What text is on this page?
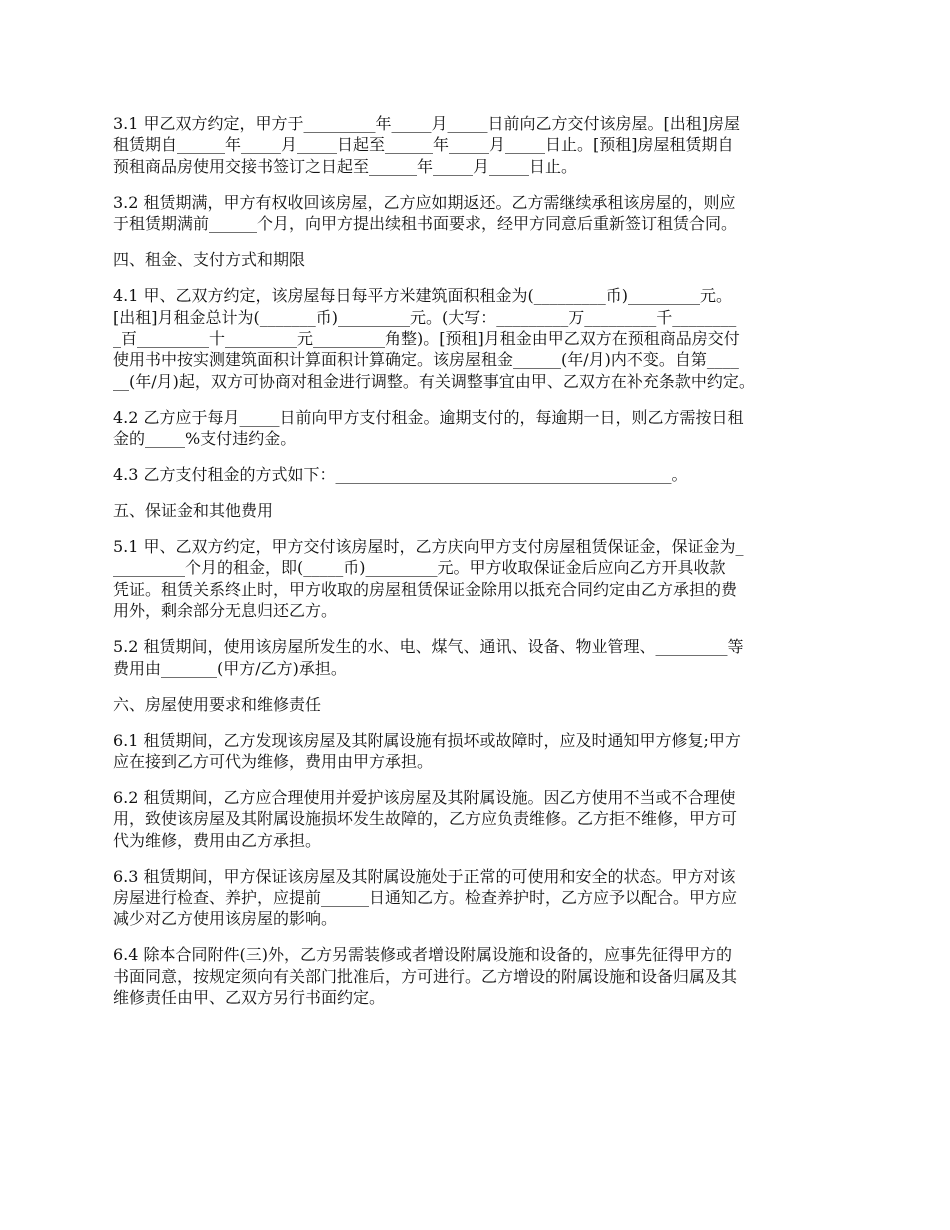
3.1 甲乙双方约定，甲方于_________年_____月_____日前向乙方交付该房屋。[出租]房屋
租赁期自______年_____月_____日起至______年_____月_____日止。[预租]房屋租赁期自
预租商品房使用交接书签订之日起至______年_____月_____日止。
3.2 租赁期满，甲方有权收回该房屋，乙方应如期返还。乙方需继续承租该房屋的，则应
于租赁期满前______个月，向甲方提出续租书面要求，经甲方同意后重新签订租赁合同。
四、租金、支付方式和期限
4.1 甲、乙双方约定，该房屋每日每平方米建筑面积租金为(_________币)_________元。
[出租]月租金总计为(_______币)_________元。(大写：_________万_________千________
_百_________十_________元_________角整)。[预租]月租金由甲乙双方在预租商品房交付
使用书中按实测建筑面积计算面积计算确定。该房屋租金______(年/月)内不变。自第____
__(年/月)起，双方可协商对租金进行调整。有关调整事宜由甲、乙双方在补充条款中约定。
4.2 乙方应于每月_____日前向甲方支付租金。逾期支付的，每逾期一日，则乙方需按日租
金的_____%支付违约金。
4.3 乙方支付租金的方式如下：__________________________________________。
五、保证金和其他费用
5.1 甲、乙双方约定，甲方交付该房屋时，乙方庆向甲方支付房屋租赁保证金，保证金为_
_________个月的租金，即(_____币)_________元。甲方收取保证金后应向乙方开具收款
凭证。租赁关系终止时，甲方收取的房屋租赁保证金除用以抵充合同约定由乙方承担的费
用外，剩余部分无息归还乙方。
5.2 租赁期间，使用该房屋所发生的水、电、煤气、通讯、设备、物业管理、_________等
费用由_______(甲方/乙方)承担。
六、房屋使用要求和维修责任
6.1 租赁期间，乙方发现该房屋及其附属设施有损坏或故障时，应及时通知甲方修复;甲方
应在接到乙方可代为维修，费用由甲方承担。
6.2 租赁期间，乙方应合理使用并爱护该房屋及其附属设施。因乙方使用不当或不合理使
用，致使该房屋及其附属设施损坏发生故障的，乙方应负责维修。乙方拒不维修，甲方可
代为维修，费用由乙方承担。
6.3 租赁期间，甲方保证该房屋及其附属设施处于正常的可使用和安全的状态。甲方对该
房屋进行检查、养护，应提前______日通知乙方。检查养护时，乙方应予以配合。甲方应
减少对乙方使用该房屋的影响。
6.4 除本合同附件(三)外，乙方另需装修或者增设附属设施和设备的，应事先征得甲方的
书面同意，按规定须向有关部门批准后，方可进行。乙方增设的附属设施和设备归属及其
维修责任由甲、乙双方另行书面约定。
